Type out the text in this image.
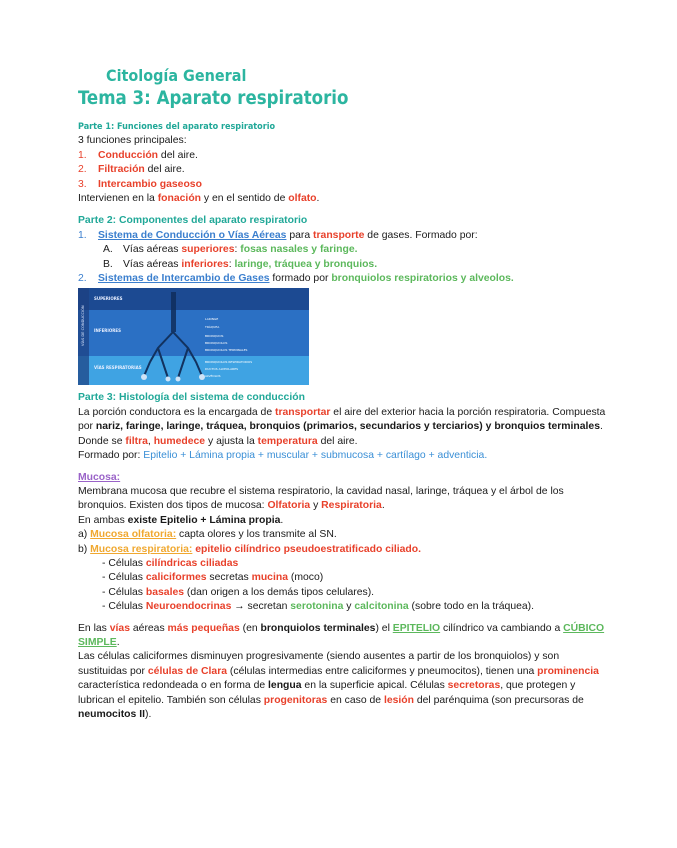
Citología General
Tema 3: Aparato respiratorio
Parte 1: Funciones del aparato respiratorio
3 funciones principales:
1. Conducción del aire.
2. Filtración del aire.
3. Intercambio gaseoso
Intervienen en la fonación y en el sentido de olfato.
Parte 2: Componentes del aparato respiratorio
1. Sistema de Conducción o Vías Aéreas para transporte de gases. Formado por:
A. Vías aéreas superiores: fosas nasales y faringe.
B. Vías aéreas inferiores: laringe, tráquea y bronquios.
2. Sistemas de Intercambio de Gases formado por bronquiolos respiratorios y alveolos.
VÍAS DE CONDUCCIÓN
SUPERIORES
INFERIORES
VÍAS RESPIRATORIAS
LARINGE
TRÁQUEA
BRONQUIOS
BRONQUIOLOS
BRONQUIOLOS TERMINALES
BRONQUIOLOS RESPIRATORIOS
DUCTOS ALVEOLARES
ALVÉOLOS
Parte 3: Histología del sistema de conducción
La porción conductora es la encargada de transportar el aire del exterior hacia la porción respiratoria. Compuesta por nariz, faringe, laringe, tráquea, bronquios (primarios, secundarios y terciarios) y bronquios terminales. Donde se filtra, humedece y ajusta la temperatura del aire.
Formado por: Epitelio + Lámina propia + muscular + submucosa + cartílago + adventicia.
Mucosa:
Membrana mucosa que recubre el sistema respiratorio, la cavidad nasal, laringe, tráquea y el árbol de los bronquios. Existen dos tipos de mucosa: Olfatoria y Respiratoria.
En ambas existe Epitelio + Lámina propia.
a) Mucosa olfatoria: capta olores y los transmite al SN.
b) Mucosa respiratoria: epitelio cilíndrico pseudoestratificado ciliado.
- Células cilíndricas ciliadas
- Células caliciformes secretas mucina (moco)
- Células basales (dan origen a los demás tipos celulares).
- Células Neuroendocrinas → secretan serotonina y calcitonina (sobre todo en la tráquea).
En las vías aéreas más pequeñas (en bronquiolos terminales) el EPITELIO cilíndrico va cambiando a CÚBICO SIMPLE.
Las células caliciformes disminuyen progresivamente (siendo ausentes a partir de los bronquiolos) y son sustituidas por células de Clara (células intermedias entre caliciformes y pneumocitos), tienen una prominencia característica redondeada o en forma de lengua en la superficie apical. Células secretoras, que protegen y lubrican el epitelio. También son células progenitoras en caso de lesión del parénquima (son precursoras de neumocitos II).
